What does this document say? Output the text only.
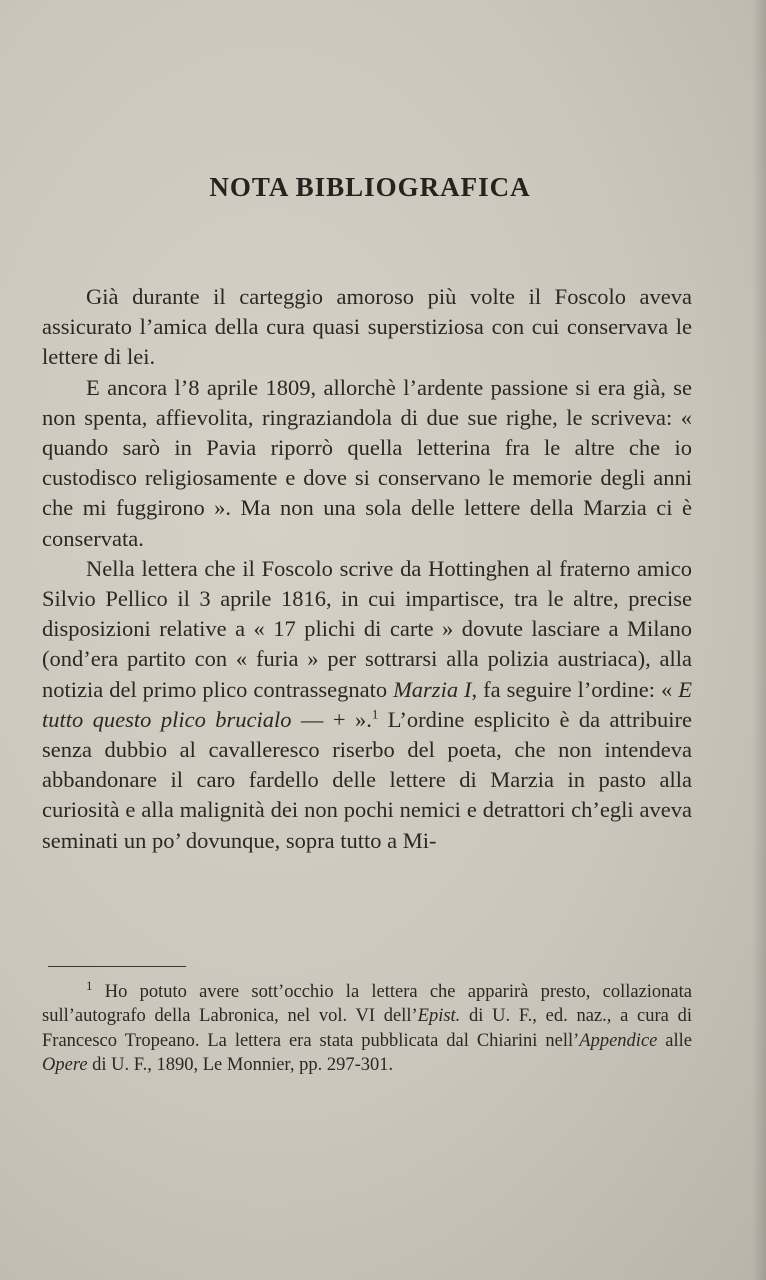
NOTA BIBLIOGRAFICA

Già durante il carteggio amoroso più volte il Foscolo aveva assicurato l’amica della cura quasi superstiziosa con cui conservava le lettere di lei.

E ancora l’8 aprile 1809, allorchè l’ardente passione si era già, se non spenta, affievolita, ringraziandola di due sue righe, le scriveva: « quando sarò in Pavia riporrò quella letterina fra le altre che io custodisco religiosamente e dove si conservano le memorie degli anni che mi fuggirono ». Ma non una sola delle lettere della Marzia ci è conservata.

Nella lettera che il Foscolo scrive da Hottinghen al fraterno amico Silvio Pellico il 3 aprile 1816, in cui impartisce, tra le altre, precise disposizioni relative a « 17 plichi di carte » dovute lasciare a Milano (ond’era partito con « furia » per sottrarsi alla polizia austriaca), alla notizia del primo plico contrassegnato Marzia I, fa seguire l’ordine: « E tutto questo plico brucialo — + ».$^1$ L’ordine esplicito è da attribuire senza dubbio al cavalleresco riserbo del poeta, che non intendeva abbandonare il caro fardello delle lettere di Marzia in pasto alla curiosità e alla malignità dei non pochi nemici e detrattori ch’egli aveva seminati un po’ dovunque, sopra tutto a Mi-

$^1$ Ho potuto avere sott’occhio la lettera che apparirà presto, collazionata sull’autografo della Labronica, nel vol. VI dell’Epist. di U. F., ed. naz., a cura di Francesco Tropeano. La lettera era stata pubblicata dal Chiarini nell’Appendice alle Opere di U. F., 1890, Le Monnier, pp. 297-301.
